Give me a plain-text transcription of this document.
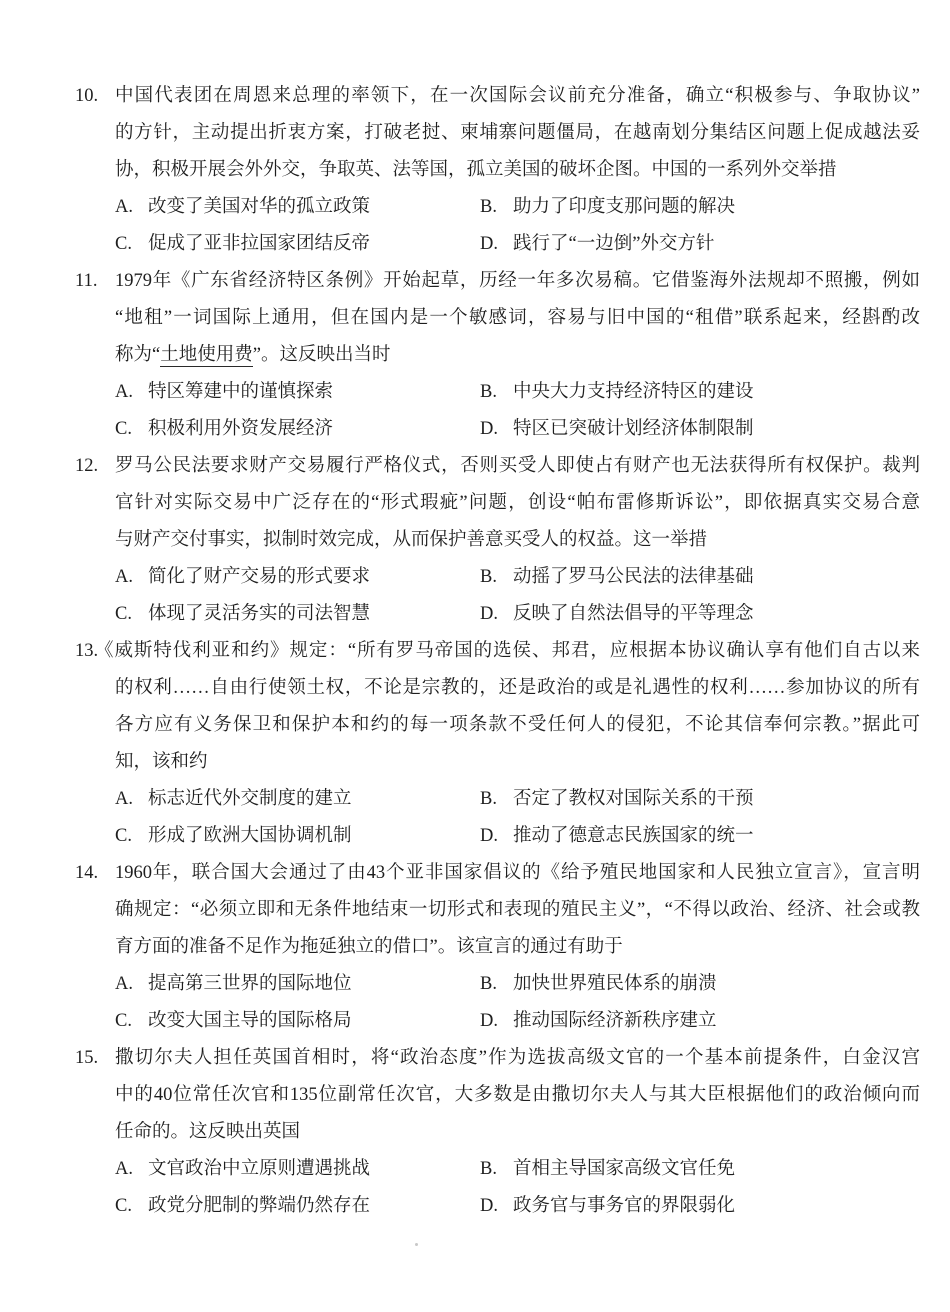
10. 中国代表团在周恩来总理的率领下，在一次国际会议前充分准备，确立“积极参与、争取协议”
的方针，主动提出折衷方案，打破老挝、柬埔寨问题僵局，在越南划分集结区问题上促成越法妥
协，积极开展会外外交，争取英、法等国，孤立美国的破坏企图。中国的一系列外交举措
A. 改变了美国对华的孤立政策	B. 助力了印度支那问题的解决
C. 促成了亚非拉国家团结反帝	D. 践行了“一边倒”外交方针
11. 1979年《广东省经济特区条例》开始起草，历经一年多次易稿。它借鉴海外法规却不照搬，例如
“地租”一词国际上通用，但在国内是一个敏感词，容易与旧中国的“租借”联系起来，经斟酌改
称为“土地使用费”。这反映出当时
A. 特区筹建中的谨慎探索	B. 中央大力支持经济特区的建设
C. 积极利用外资发展经济	D. 特区已突破计划经济体制限制
12. 罗马公民法要求财产交易履行严格仪式，否则买受人即使占有财产也无法获得所有权保护。裁判
官针对实际交易中广泛存在的“形式瑕疵”问题，创设“帕布雷修斯诉讼”，即依据真实交易合意
与财产交付事实，拟制时效完成，从而保护善意买受人的权益。这一举措
A. 简化了财产交易的形式要求	B. 动摇了罗马公民法的法律基础
C. 体现了灵活务实的司法智慧	D. 反映了自然法倡导的平等理念
13.
《威斯特伐利亚和约》规定：“所有罗马帝国的选侯、邦君，应根据本协议确认享有他们自古以来
的权利……自由行使领土权，不论是宗教的，还是政治的或是礼遇性的权利……参加协议的所有
各方应有义务保卫和保护本和约的每一项条款不受任何人的侵犯，不论其信奉何宗教。”据此可
知，该和约
A. 标志近代外交制度的建立	B. 否定了教权对国际关系的干预
C. 形成了欧洲大国协调机制	D. 推动了德意志民族国家的统一
14. 1960年，联合国大会通过了由43个亚非国家倡议的《给予殖民地国家和人民独立宣言》，宣言明
确规定：“必须立即和无条件地结束一切形式和表现的殖民主义”，“不得以政治、经济、社会或教
育方面的准备不足作为拖延独立的借口”。该宣言的通过有助于
A. 提高第三世界的国际地位	B. 加快世界殖民体系的崩溃
C. 改变大国主导的国际格局	D. 推动国际经济新秩序建立
15. 撒切尔夫人担任英国首相时，将“政治态度”作为选拔高级文官的一个基本前提条件，白金汉宫
中的40位常任次官和135位副常任次官，大多数是由撒切尔夫人与其大臣根据他们的政治倾向而
任命的。这反映出英国
A. 文官政治中立原则遭遇挑战	B. 首相主导国家高级文官任免
C. 政党分肥制的弊端仍然存在	D. 政务官与事务官的界限弱化
